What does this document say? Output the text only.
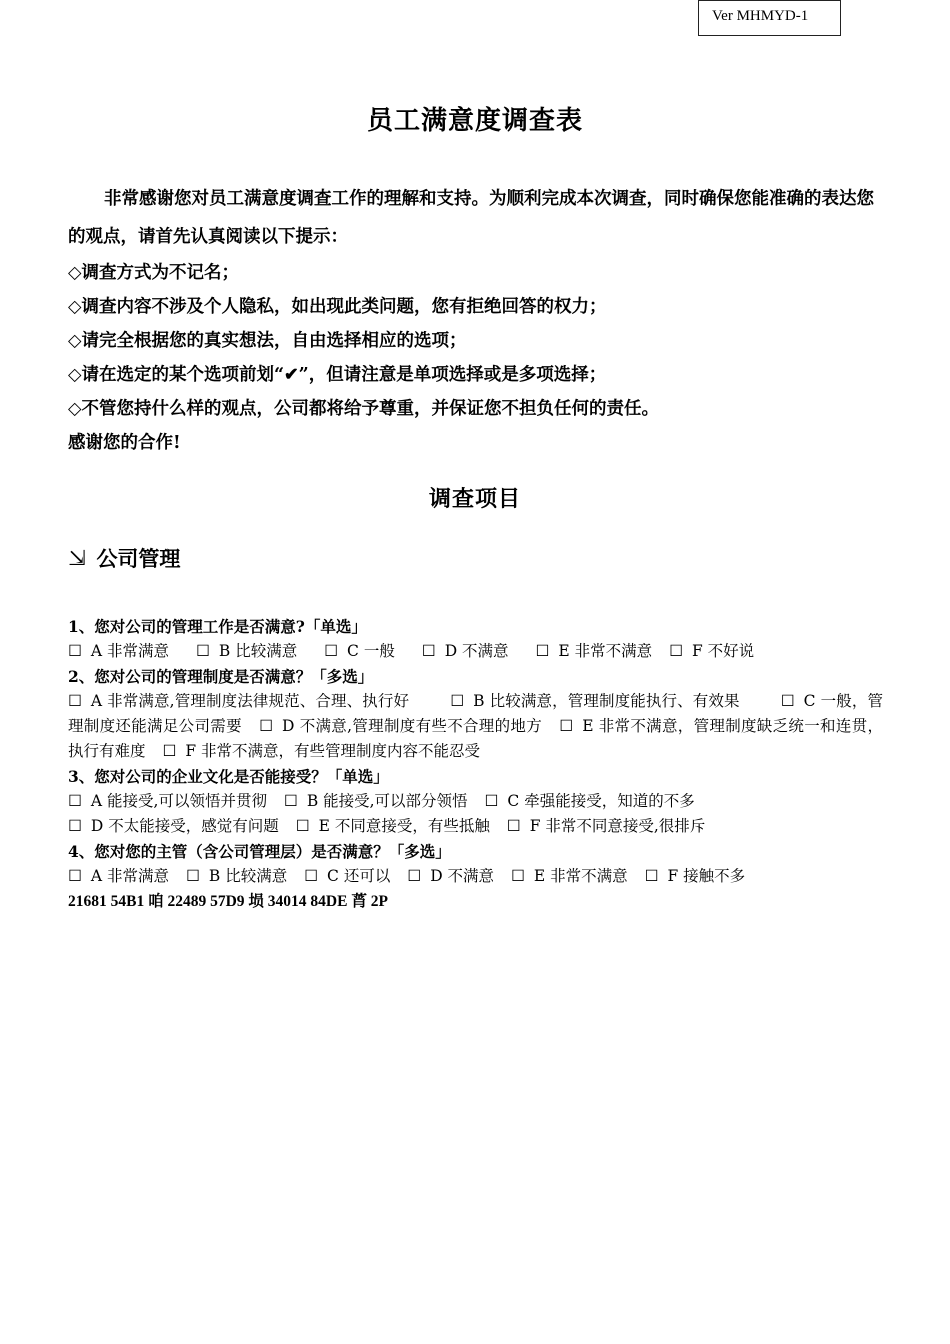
Ver MHMYD-1
员工满意度调查表

非常感谢您对员工满意度调查工作的理解和支持。为顺利完成本次调查，同时确保您能准确的表达您的观点，请首先认真阅读以下提示：

◇调查方式为不记名；

◇调查内容不涉及个人隐私，如出现此类问题，您有拒绝回答的权力；

◇请完全根据您的真实想法，自由选择相应的选项；

◇请在选定的某个选项前划“✔”，但请注意是单项选择或是多项选择；

◇不管您持什么样的观点，公司都将给予尊重，并保证您不担负任何的责任。

感谢您的合作!

调查项目
⇲ 公司管理

1、您对公司的管理工作是否满意?「单选」

☐ A 非常满意 ☐ B 比较满意 ☐ C 一般 ☐ D 不满意 ☐ E 非常不满意 ☐ F 不好说

2、您对公司的管理制度是否满意？「多选」

☐ A 非常满意,管理制度法律规范、合理、执行好	☐ B 比较满意，管理制度能执行、有效果	☐ C 一般，管理制度还能满足公司需要 ☐ D 不满意,管理制度有些不合理的地方 ☐ E 非常不满意，管理制度缺乏统一和连贯，执行有难度 ☐ F 非常不满意，有些管理制度内容不能忍受

3、您对公司的企业文化是否能接受？「单选」

☐ A 能接受,可以领悟并贯彻 ☐ B 能接受,可以部分领悟 ☐ C 牵强能接受，知道的不多

☐ D 不太能接受，感觉有问题 ☐ E 不同意接受，有些抵触 ☐ F 非常不同意接受,很排斥

4、您对您的主管（含公司管理层）是否满意？「多选」

☐ A 非常满意 ☐ B 比较满意 ☐ C 还可以 ☐ D 不满意 ☐ E 非常不满意 ☐ F 接触不多

21681 54B1 咱 22489 57D9 埙 34014 84DE 莦 2P
